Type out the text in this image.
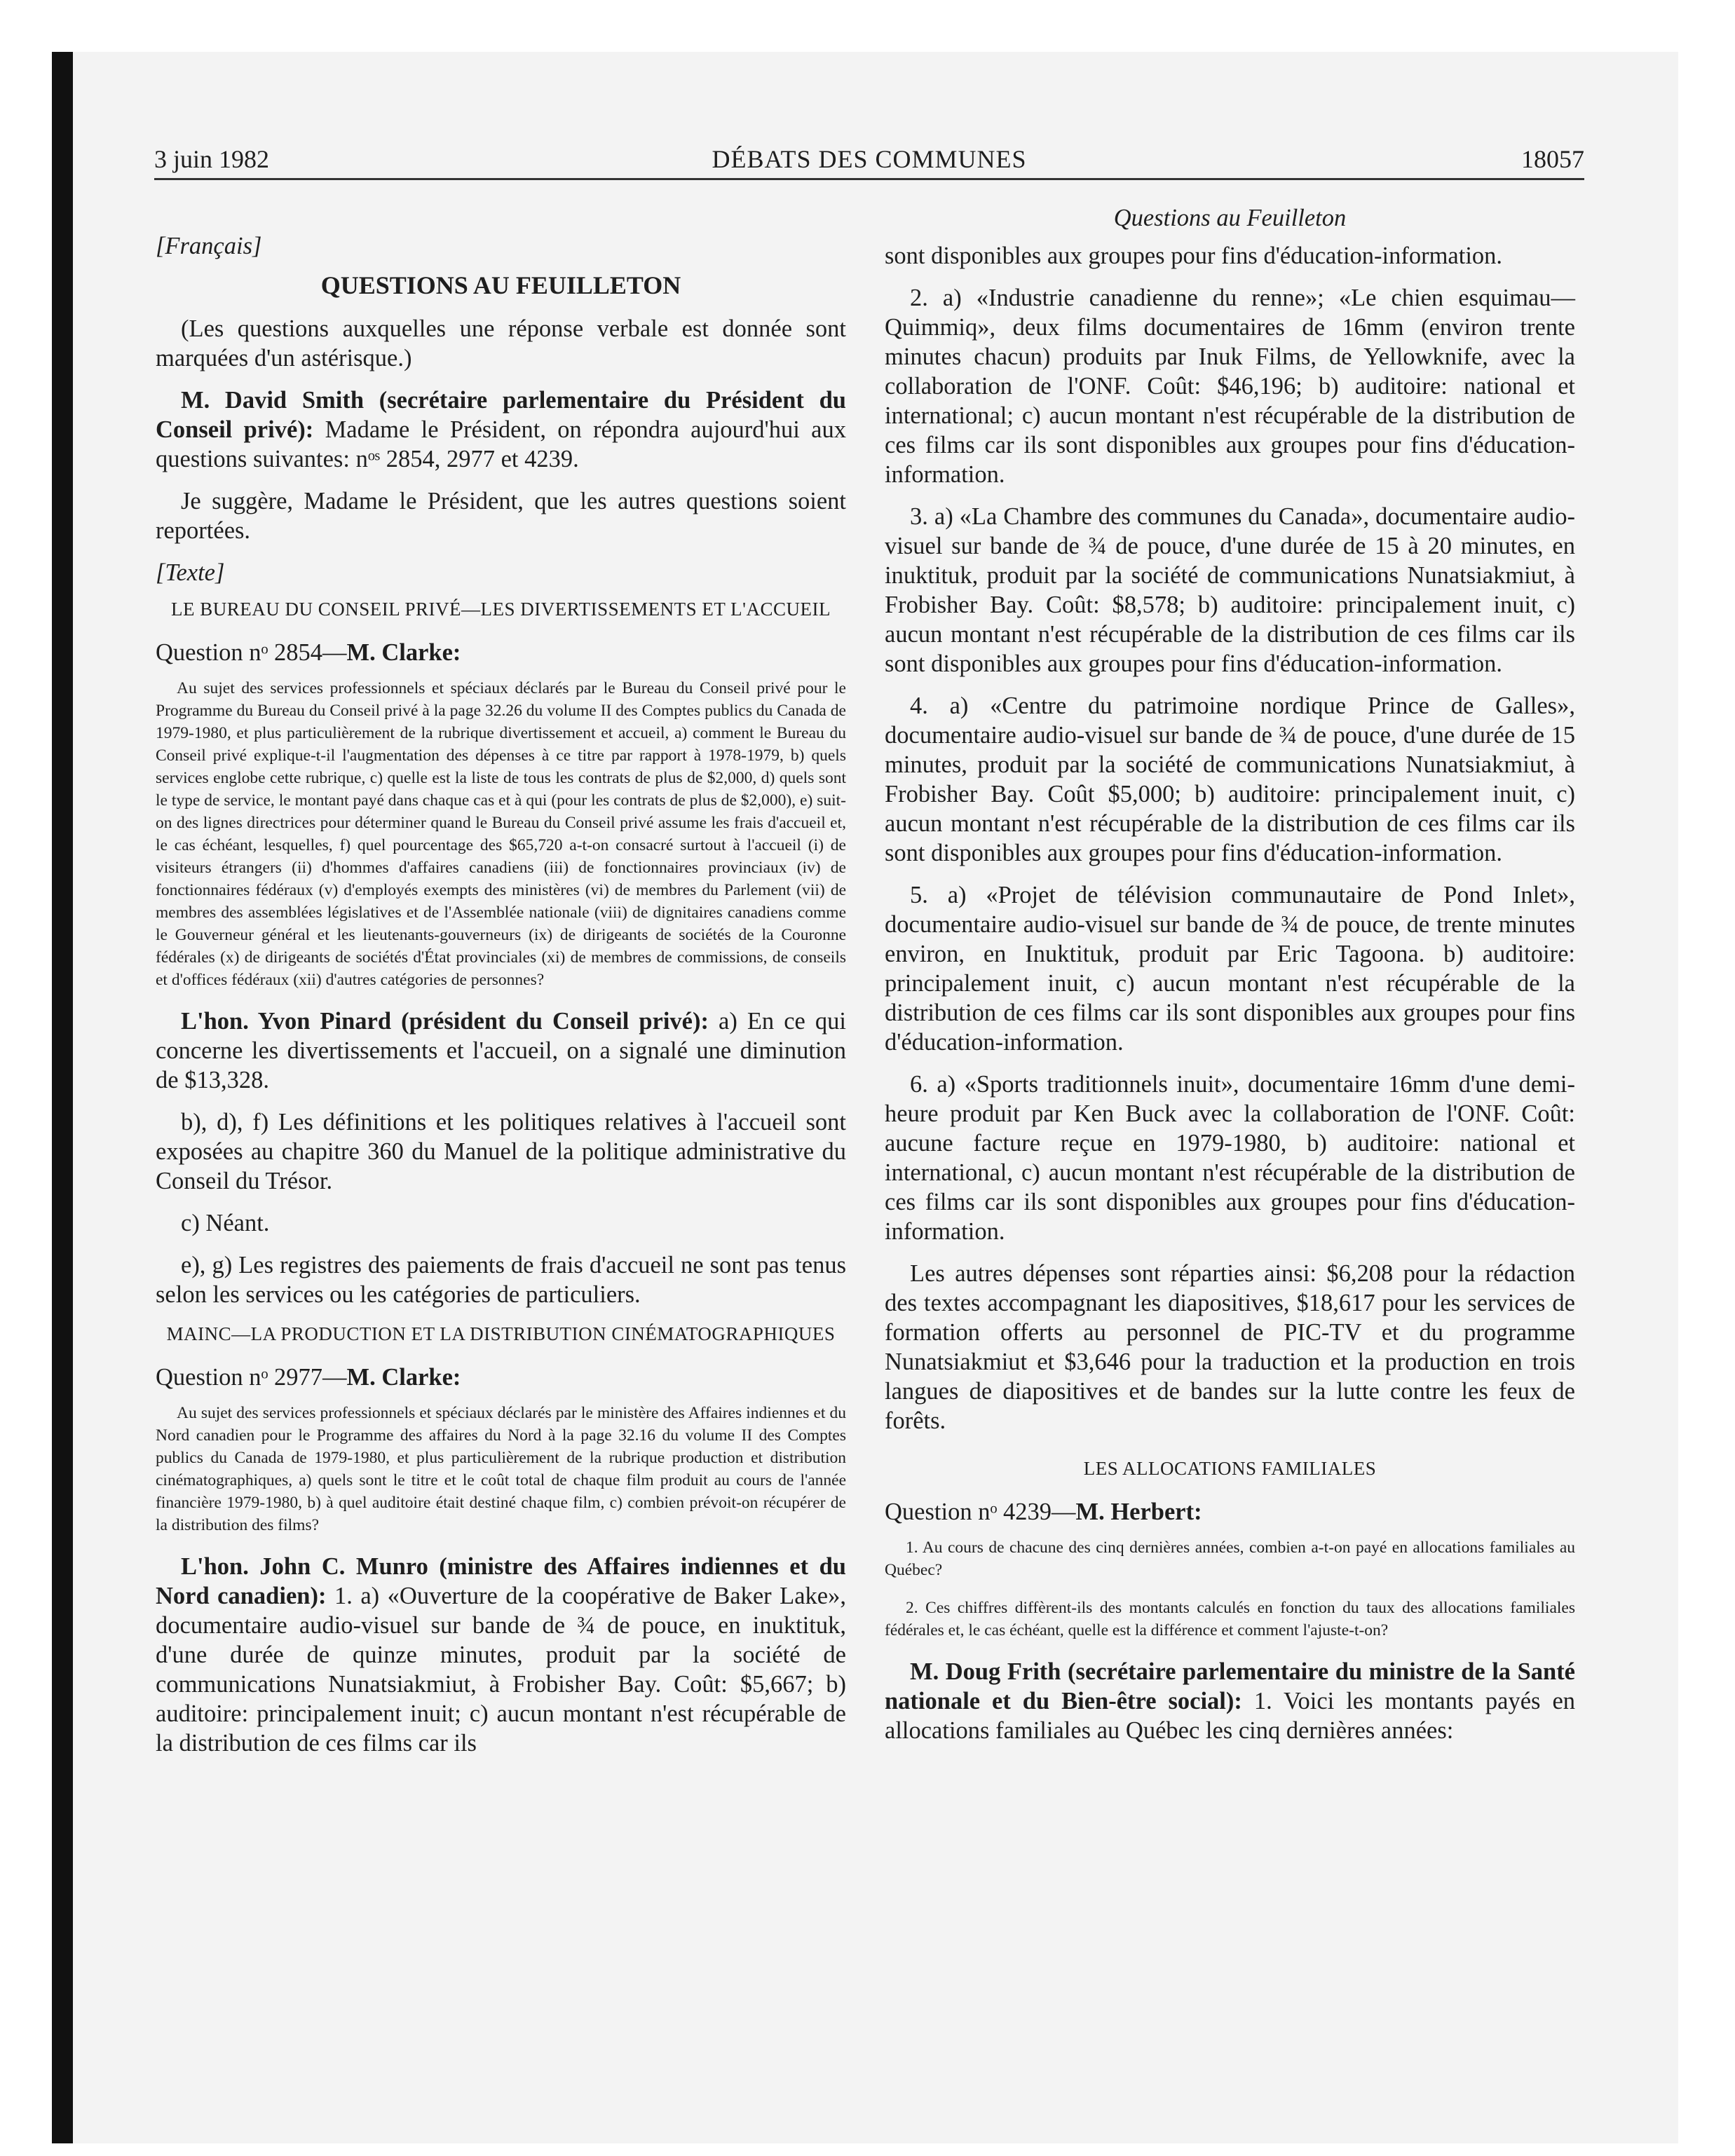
3 juin 1982	DÉBATS DES COMMUNES	18057
[Français]
QUESTIONS AU FEUILLETON

(Les questions auxquelles une réponse verbale est donnée sont marquées d'un astérisque.)

M. David Smith (secrétaire parlementaire du Président du Conseil privé): Madame le Président, on répondra aujourd'hui aux questions suivantes: nᵒˢ 2854, 2977 et 4239.

Je suggère, Madame le Président, que les autres questions soient reportées.

[Texte]
LE BUREAU DU CONSEIL PRIVÉ—LES DIVERTISSEMENTS ET L'ACCUEIL
Question nᵒ 2854—M. Clarke:
Au sujet des services professionnels et spéciaux déclarés par le Bureau du Conseil privé pour le Programme du Bureau du Conseil privé à la page 32.26 du volume II des Comptes publics du Canada de 1979-1980, et plus particulièrement de la rubrique divertissement et accueil, a) comment le Bureau du Conseil privé explique-t-il l'augmentation des dépenses à ce titre par rapport à 1978-1979, b) quels services englobe cette rubrique, c) quelle est la liste de tous les contrats de plus de $2,000, d) quels sont le type de service, le montant payé dans chaque cas et à qui (pour les contrats de plus de $2,000), e) suit-on des lignes directrices pour déterminer quand le Bureau du Conseil privé assume les frais d'accueil et, le cas échéant, lesquelles, f) quel pourcentage des $65,720 a-t-on consacré surtout à l'accueil (i) de visiteurs étrangers (ii) d'hommes d'affaires canadiens (iii) de fonctionnaires provinciaux (iv) de fonctionnaires fédéraux (v) d'employés exempts des ministères (vi) de membres du Parlement (vii) de membres des assemblées législatives et de l'Assemblée nationale (viii) de dignitaires canadiens comme le Gouverneur général et les lieutenants-gouverneurs (ix) de dirigeants de sociétés de la Couronne fédérales (x) de dirigeants de sociétés d'État provinciales (xi) de membres de commissions, de conseils et d'offices fédéraux (xii) d'autres catégories de personnes?

L'hon. Yvon Pinard (président du Conseil privé): a) En ce qui concerne les divertissements et l'accueil, on a signalé une diminution de $13,328.

b), d), f) Les définitions et les politiques relatives à l'accueil sont exposées au chapitre 360 du Manuel de la politique administrative du Conseil du Trésor.

c) Néant.

e), g) Les registres des paiements de frais d'accueil ne sont pas tenus selon les services ou les catégories de particuliers.

MAINC—LA PRODUCTION ET LA DISTRIBUTION CINÉMATOGRAPHIQUES
Question nᵒ 2977—M. Clarke:
Au sujet des services professionnels et spéciaux déclarés par le ministère des Affaires indiennes et du Nord canadien pour le Programme des affaires du Nord à la page 32.16 du volume II des Comptes publics du Canada de 1979-1980, et plus particulièrement de la rubrique production et distribution cinématographiques, a) quels sont le titre et le coût total de chaque film produit au cours de l'année financière 1979-1980, b) à quel auditoire était destiné chaque film, c) combien prévoit-on récupérer de la distribution des films?

L'hon. John C. Munro (ministre des Affaires indiennes et du Nord canadien): 1. a) «Ouverture de la coopérative de Baker Lake», documentaire audio-visuel sur bande de ¾ de pouce, en inuktituk, d'une durée de quinze minutes, produit par la société de communications Nunatsiakmiut, à Frobisher Bay. Coût: $5,667; b) auditoire: principalement inuit; c) aucun montant n'est récupérable de la distribution de ces films car ils

Questions au Feuilleton

sont disponibles aux groupes pour fins d'éducation-information.

2. a) «Industrie canadienne du renne»; «Le chien esquimau—Quimmiq», deux films documentaires de 16mm (environ trente minutes chacun) produits par Inuk Films, de Yellowknife, avec la collaboration de l'ONF. Coût: $46,196; b) auditoire: national et international; c) aucun montant n'est récupérable de la distribution de ces films car ils sont disponibles aux groupes pour fins d'éducation-information.

3. a) «La Chambre des communes du Canada», documentaire audio-visuel sur bande de ¾ de pouce, d'une durée de 15 à 20 minutes, en inuktituk, produit par la société de communications Nunatsiakmiut, à Frobisher Bay. Coût: $8,578; b) auditoire: principalement inuit, c) aucun montant n'est récupérable de la distribution de ces films car ils sont disponibles aux groupes pour fins d'éducation-information.

4. a) «Centre du patrimoine nordique Prince de Galles», documentaire audio-visuel sur bande de ¾ de pouce, d'une durée de 15 minutes, produit par la société de communications Nunatsiakmiut, à Frobisher Bay. Coût $5,000; b) auditoire: principalement inuit, c) aucun montant n'est récupérable de la distribution de ces films car ils sont disponibles aux groupes pour fins d'éducation-information.

5. a) «Projet de télévision communautaire de Pond Inlet», documentaire audio-visuel sur bande de ¾ de pouce, de trente minutes environ, en Inuktituk, produit par Eric Tagoona. b) auditoire: principalement inuit, c) aucun montant n'est récupérable de la distribution de ces films car ils sont disponibles aux groupes pour fins d'éducation-information.

6. a) «Sports traditionnels inuit», documentaire 16mm d'une demi-heure produit par Ken Buck avec la collaboration de l'ONF. Coût: aucune facture reçue en 1979-1980, b) auditoire: national et international, c) aucun montant n'est récupérable de la distribution de ces films car ils sont disponibles aux groupes pour fins d'éducation-information.

Les autres dépenses sont réparties ainsi: $6,208 pour la rédaction des textes accompagnant les diapositives, $18,617 pour les services de formation offerts au personnel de PIC-TV et du programme Nunatsiakmiut et $3,646 pour la traduction et la production en trois langues de diapositives et de bandes sur la lutte contre les feux de forêts.

LES ALLOCATIONS FAMILIALES
Question nᵒ 4239—M. Herbert:
1. Au cours de chacune des cinq dernières années, combien a-t-on payé en allocations familiales au Québec?
2. Ces chiffres diffèrent-ils des montants calculés en fonction du taux des allocations familiales fédérales et, le cas échéant, quelle est la différence et comment l'ajuste-t-on?

M. Doug Frith (secrétaire parlementaire du ministre de la Santé nationale et du Bien-être social): 1. Voici les montants payés en allocations familiales au Québec les cinq dernières années:
